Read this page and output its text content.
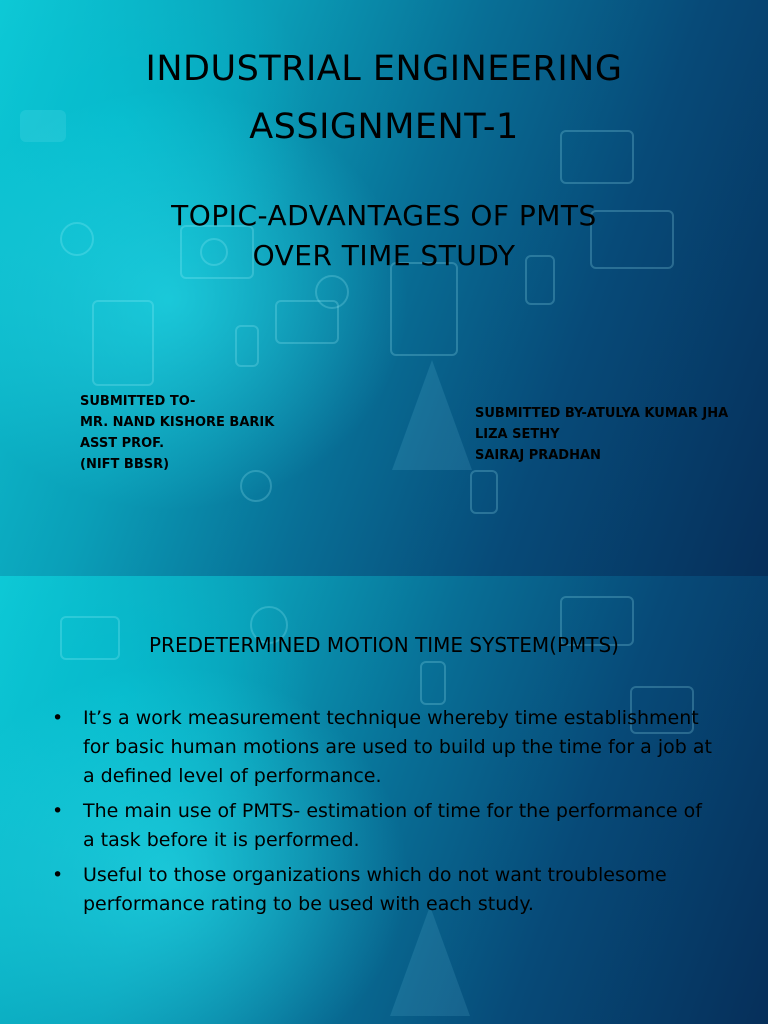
INDUSTRIAL ENGINEERING
ASSIGNMENT-1
TOPIC-ADVANTAGES OF PMTS
OVER TIME STUDY
SUBMITTED TO-
MR. NAND KISHORE BARIK
ASST PROF.
(NIFT BBSR)
SUBMITTED BY-ATULYA KUMAR JHA
LIZA SETHY
SAIRAJ PRADHAN
PREDETERMINED MOTION TIME SYSTEM(PMTS)
• It’s a work measurement technique whereby time establishment for basic human motions are used to build up the time for a job at a defined level of performance.
• The main use of PMTS- estimation of time for the performance of a task before it is performed.
• Useful to those organizations which do not want troublesome performance rating to be used with each study.
